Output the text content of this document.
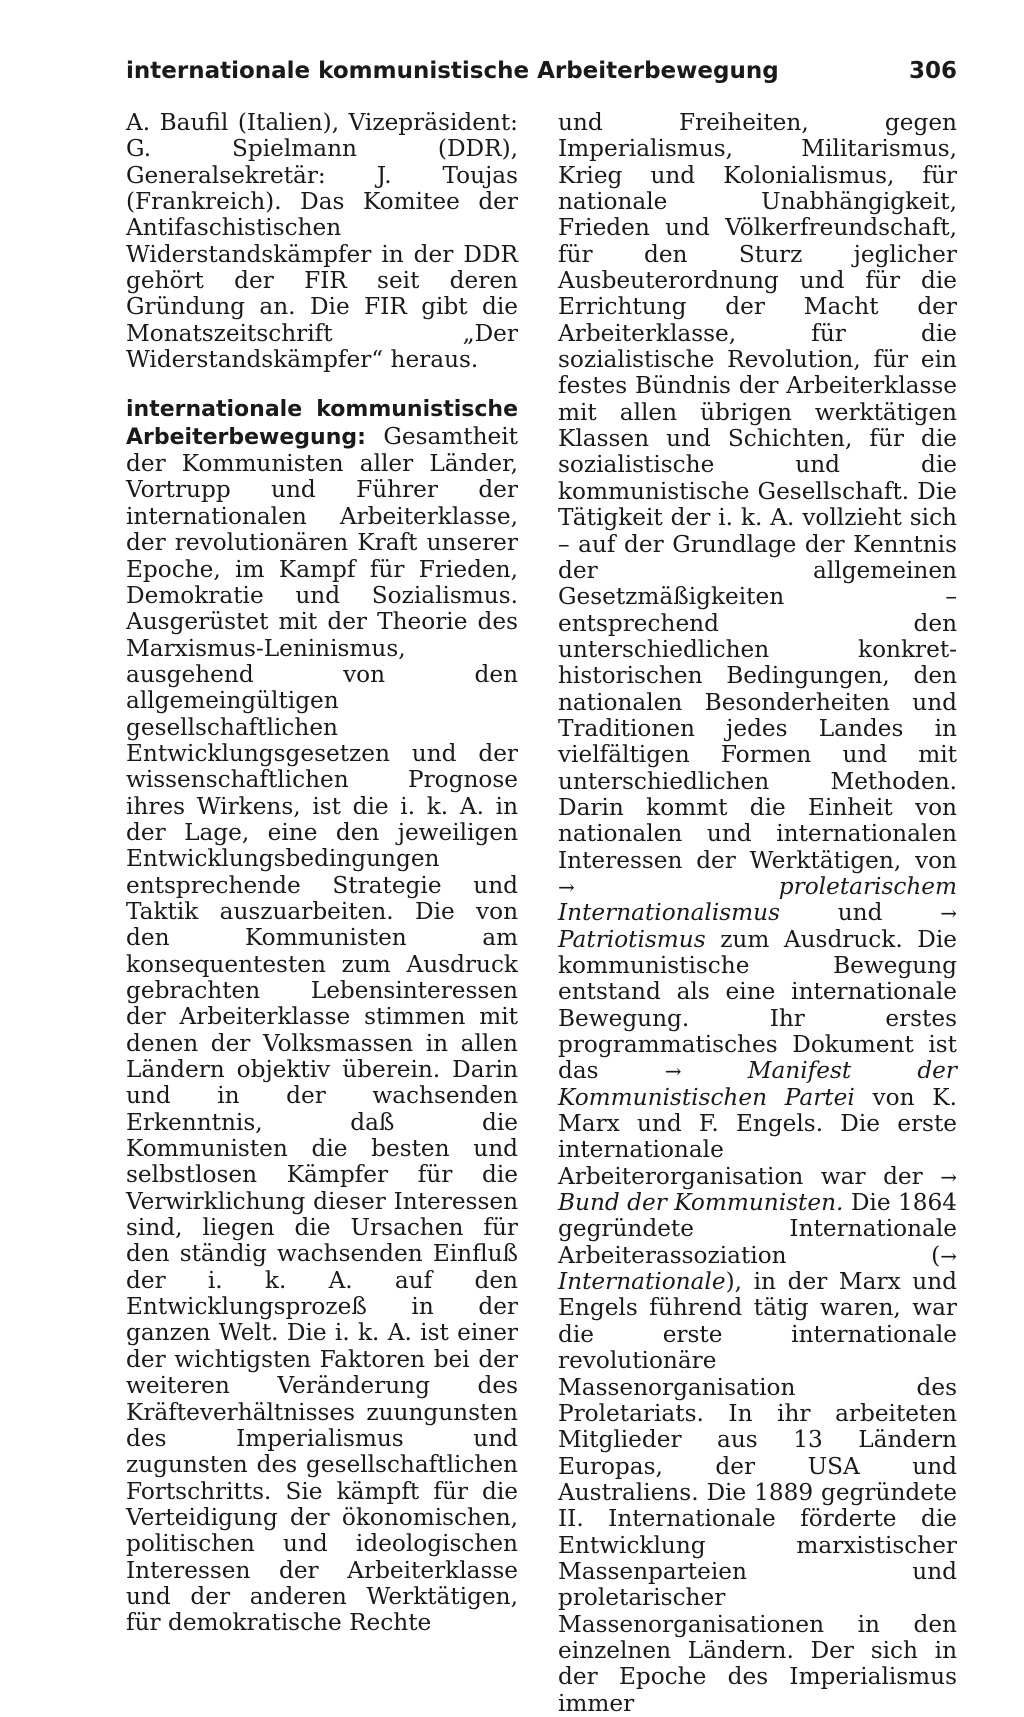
internationale kommunistische Arbeiterbewegung	306

A. Baufil (Italien), Vizepräsident: G. Spielmann (DDR), Generalsekretär: J. Toujas (Frankreich). Das Komitee der Antifaschistischen Widerstandskämpfer in der DDR gehört der FIR seit deren Gründung an. Die FIR gibt die Monatszeitschrift „Der Widerstandskämpfer“ heraus.

internationale kommunistische Arbeiterbewegung: Gesamtheit der Kommunisten aller Länder, Vortrupp und Führer der internationalen Arbeiterklasse, der revolutionären Kraft unserer Epoche, im Kampf für Frieden, Demokratie und Sozialismus. Ausgerüstet mit der Theorie des Marxismus-Leninismus, ausgehend von den allgemeingültigen gesellschaftlichen Entwicklungsgesetzen und der wissenschaftlichen Prognose ihres Wirkens, ist die i. k. A. in der Lage, eine den jeweiligen Entwicklungsbedingungen entsprechende Strategie und Taktik auszuarbeiten. Die von den Kommunisten am konsequentesten zum Ausdruck gebrachten Lebensinteressen der Arbeiterklasse stimmen mit denen der Volksmassen in allen Ländern objektiv überein. Darin und in der wachsenden Erkenntnis, daß die Kommunisten die besten und selbstlosen Kämpfer für die Verwirklichung dieser Interessen sind, liegen die Ursachen für den ständig wachsenden Einfluß der i. k. A. auf den Entwicklungsprozeß in der ganzen Welt. Die i. k. A. ist einer der wichtigsten Faktoren bei der weiteren Veränderung des Kräfteverhältnisses zuungunsten des Imperialismus und zugunsten des gesellschaftlichen Fortschritts. Sie kämpft für die Verteidigung der ökonomischen, politischen und ideologischen Interessen der Arbeiterklasse und der anderen Werktätigen, für demokratische Rechte

und Freiheiten, gegen Imperialismus, Militarismus, Krieg und Kolonialismus, für nationale Unabhängigkeit, Frieden und Völkerfreundschaft, für den Sturz jeglicher Ausbeuterordnung und für die Errichtung der Macht der Arbeiterklasse, für die sozialistische Revolution, für ein festes Bündnis der Arbeiterklasse mit allen übrigen werktätigen Klassen und Schichten, für die sozialistische und die kommunistische Gesellschaft. Die Tätigkeit der i. k. A. vollzieht sich – auf der Grundlage der Kenntnis der allgemeinen Gesetzmäßigkeiten – entsprechend den unterschiedlichen konkret-historischen Bedingungen, den nationalen Besonderheiten und Traditionen jedes Landes in vielfältigen Formen und mit unterschiedlichen Methoden. Darin kommt die Einheit von nationalen und internationalen Interessen der Werktätigen, von →	proletarischem Internationalismus und	→ Patriotismus zum Ausdruck. Die kommunistische Bewegung entstand als eine internationale Bewegung. Ihr erstes programmatisches Dokument ist das	→	Manifest der Kommunistischen Partei von K. Marx und F. Engels. Die erste internationale Arbeiterorganisation war der → Bund der Kommunisten. Die 1864 gegründete Internationale Arbeiterassoziation (→ Internationale), in der Marx und Engels führend tätig waren, war die erste internationale revolutionäre Massenorganisation des Proletariats. In ihr arbeiteten Mitglieder aus 13 Ländern Europas, der USA und Australiens. Die 1889 gegründete II. Internationale förderte die Entwicklung marxistischer Massenparteien und proletarischer Massenorganisationen in den einzelnen Ländern. Der sich in der Epoche des Imperialismus immer
